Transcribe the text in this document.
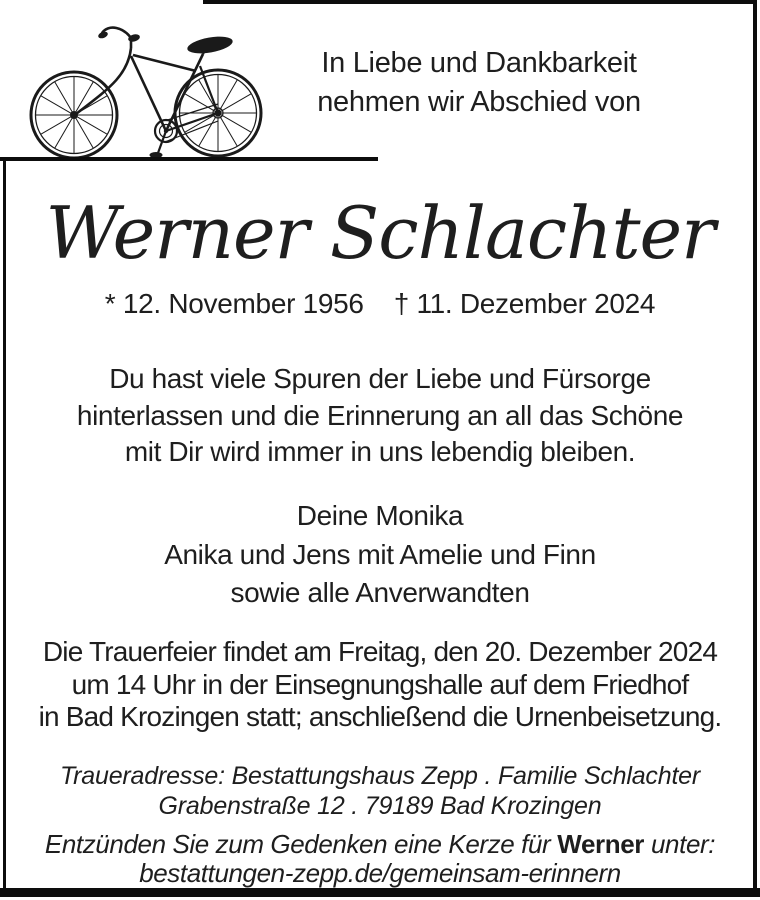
In Liebe und Dankbarkeit
nehmen wir Abschied von
Werner Schlachter
* 12. November 1956 † 11. Dezember 2024
Du hast viele Spuren der Liebe und Fürsorge
hinterlassen und die Erinnerung an all das Schöne
mit Dir wird immer in uns lebendig bleiben.
Deine Monika
Anika und Jens mit Amelie und Finn
sowie alle Anverwandten
Die Trauerfeier findet am Freitag, den 20. Dezember 2024
um 14 Uhr in der Einsegnungshalle auf dem Friedhof
in Bad Krozingen statt; anschließend die Urnenbeisetzung.
Traueradresse: Bestattungshaus Zepp . Familie Schlachter
Grabenstraße 12 . 79189 Bad Krozingen
Entzünden Sie zum Gedenken eine Kerze für Werner unter:
bestattungen-zepp.de/gemeinsam-erinnern
